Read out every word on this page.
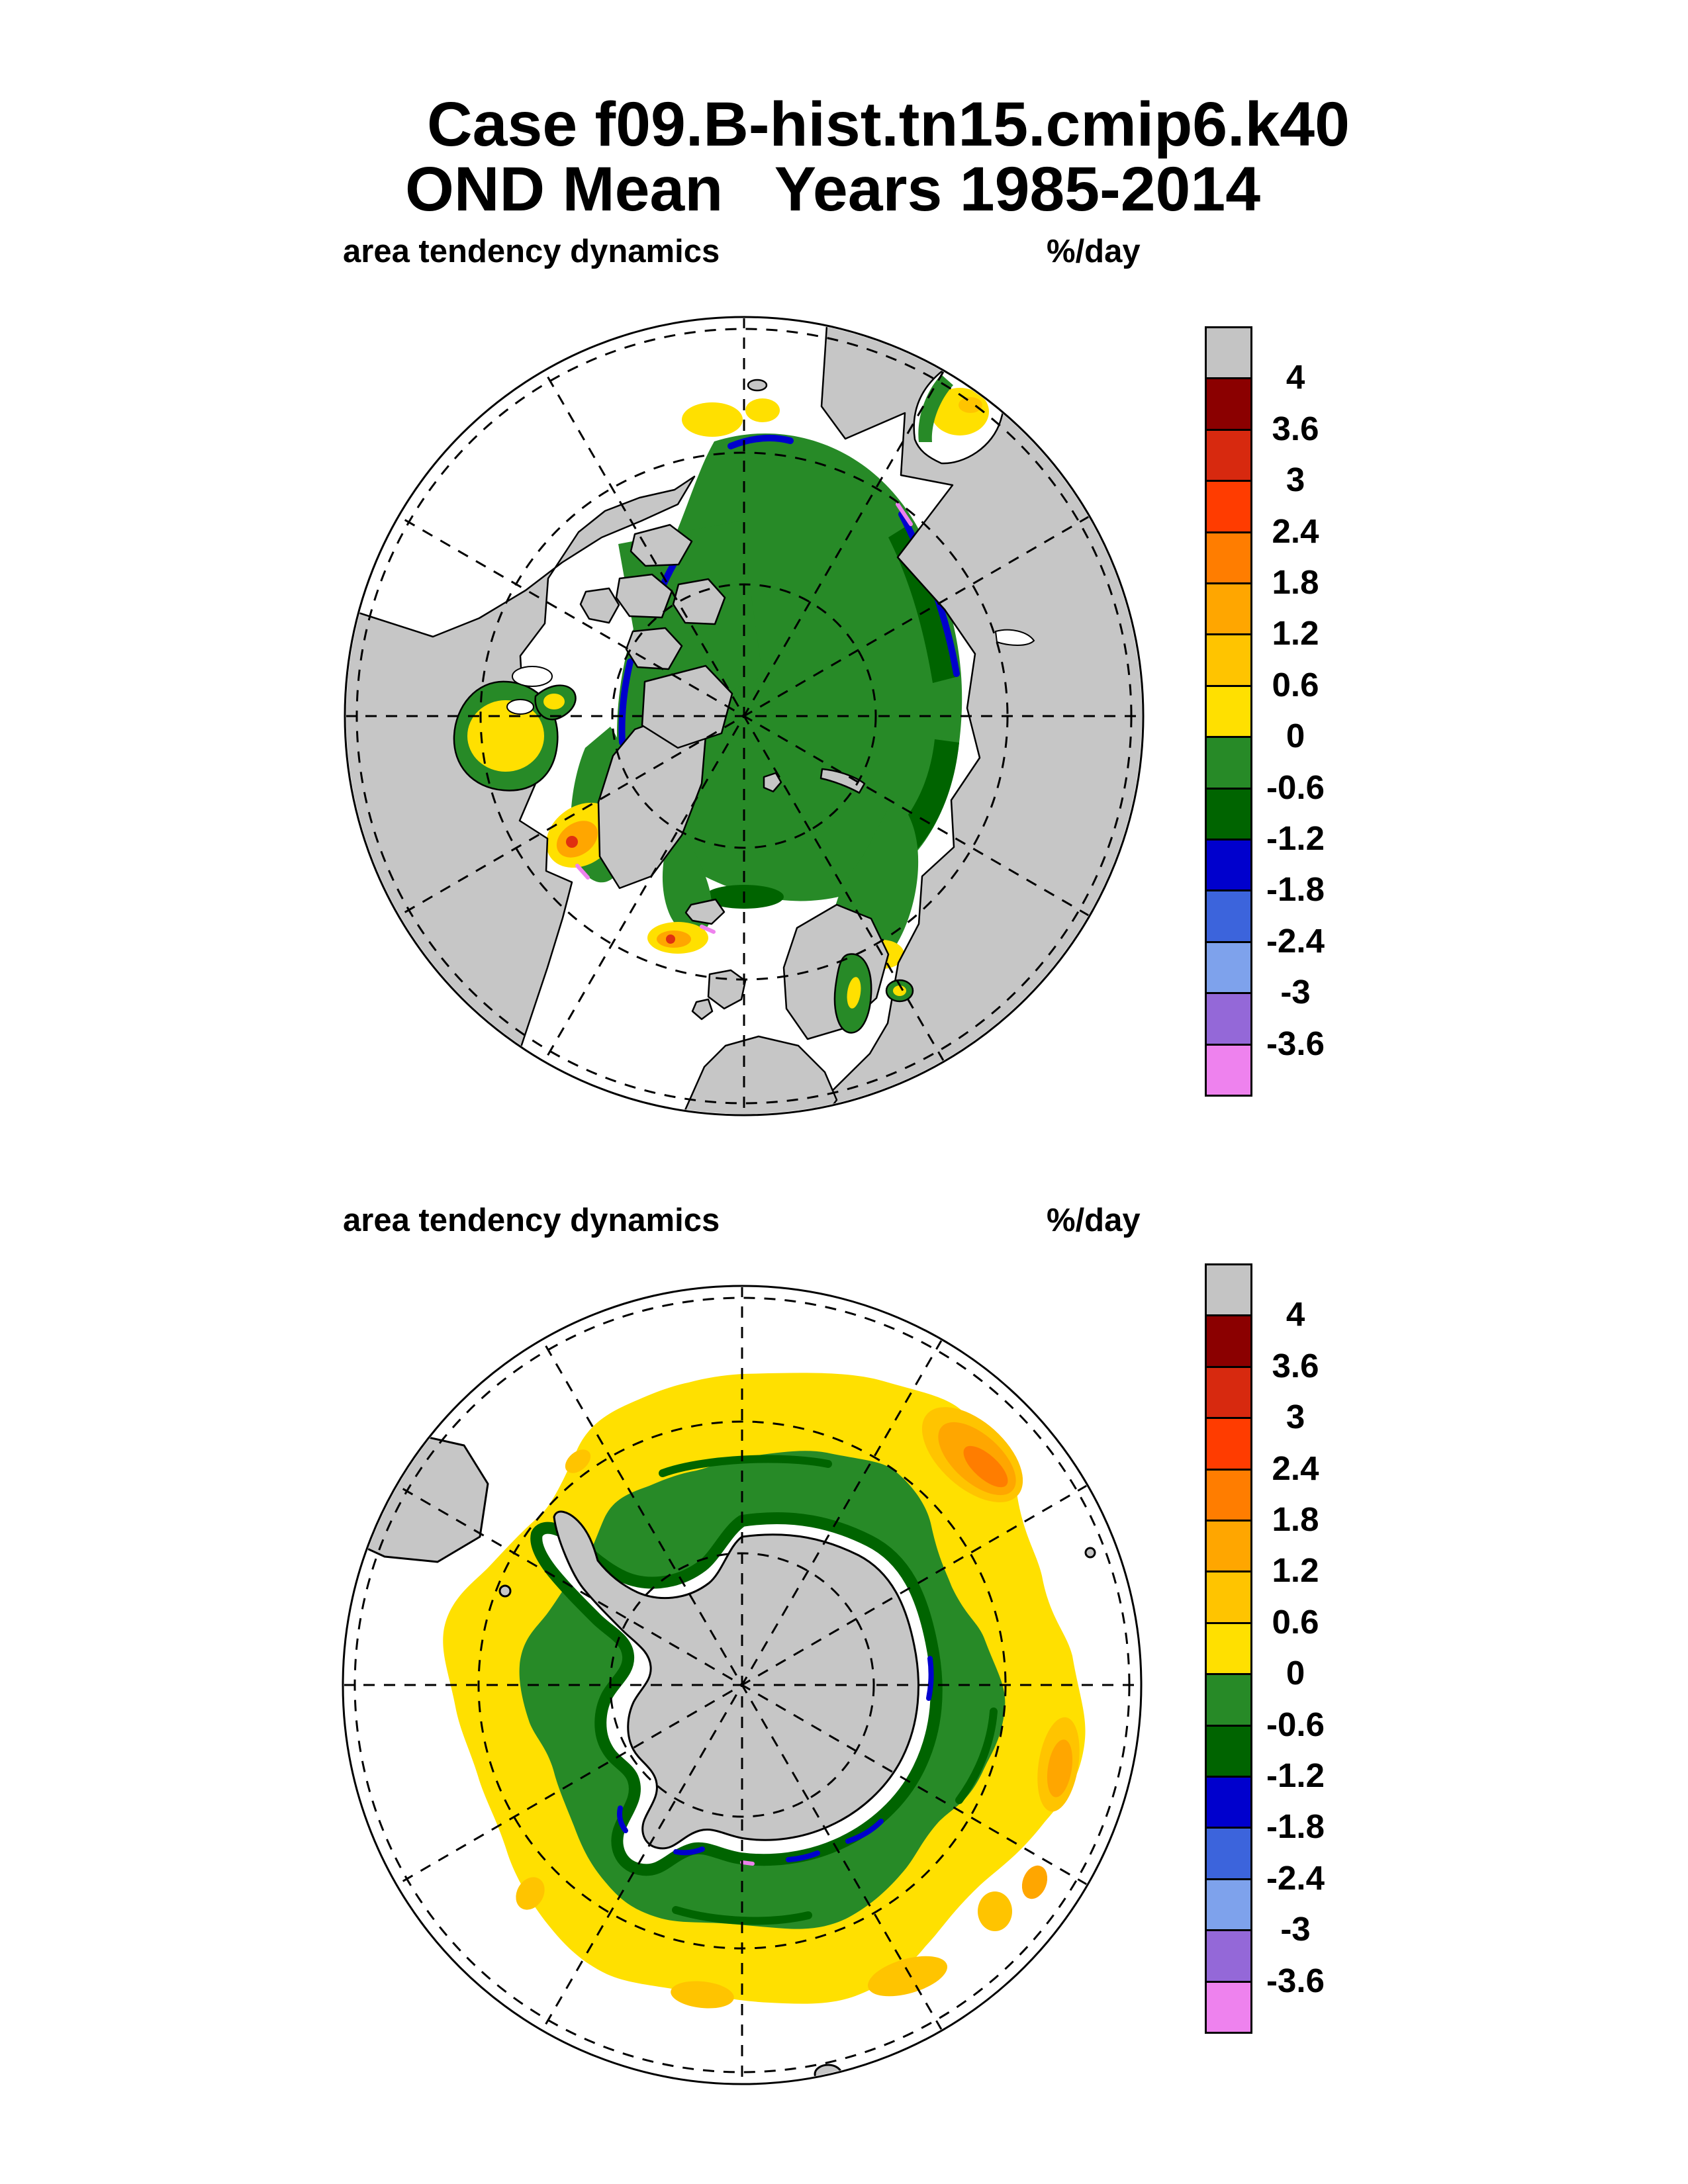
Case f09.B-hist.tn15.cmip6.k40
OND Mean   Years 1985-2014
area tendency dynamics	%/day
area tendency dynamics	%/day
4
3.6
3
2.4
1.8
1.2
0.6
0
-0.6
-1.2
-1.8
-2.4
-3
-3.6
4
3.6
3
2.4
1.8
1.2
0.6
0
-0.6
-1.2
-1.8
-2.4
-3
-3.6
